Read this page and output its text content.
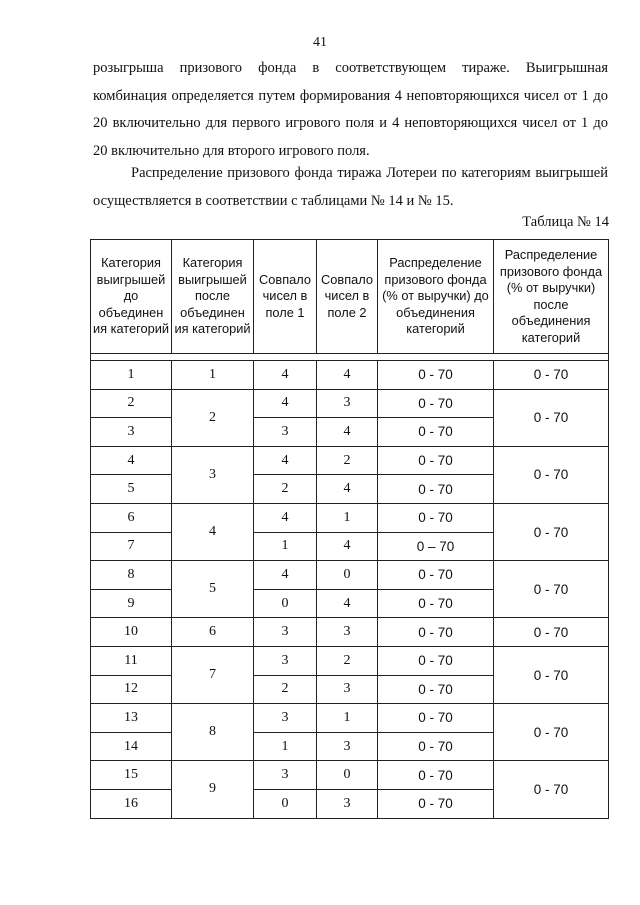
41

розыгрыша призового фонда в соответствующем тираже. Выигрышная комбинация определяется путем формирования 4 неповторяющихся чисел от 1 до 20 включительно для первого игрового поля и 4 неповторяющихся чисел от 1 до 20 включительно для второго игрового поля.

Распределение призового фонда тиража Лотереи по категориям выигрышей осуществляется в соответствии с таблицами № 14 и № 15.

Таблица № 14
Категория выигрышей до объединен ия категорий	Категория выигрышей после объединен ия категорий	Совпало чисел в поле 1	Совпало чисел в поле 2	Распределение призового фонда (% от выручки) до объединения категорий	Распределение призового фонда (% от выручки) после объединения категорий

1	1	4	4	0 - 70	0 - 70
2	2	4	3	0 - 70	0 - 70
3		3	4	0 - 70	
4	3	4	2	0 - 70	0 - 70
5		2	4	0 - 70	
6	4	4	1	0 - 70	0 - 70
7		1	4	0 – 70	
8	5	4	0	0 - 70	0 - 70
9		0	4	0 - 70	
10	6	3	3	0 - 70	0 - 70
11	7	3	2	0 - 70	0 - 70
12		2	3	0 - 70	
13	8	3	1	0 - 70	0 - 70
14		1	3	0 - 70	
15	9	3	0	0 - 70	0 - 70
16		0	3	0 - 70	
